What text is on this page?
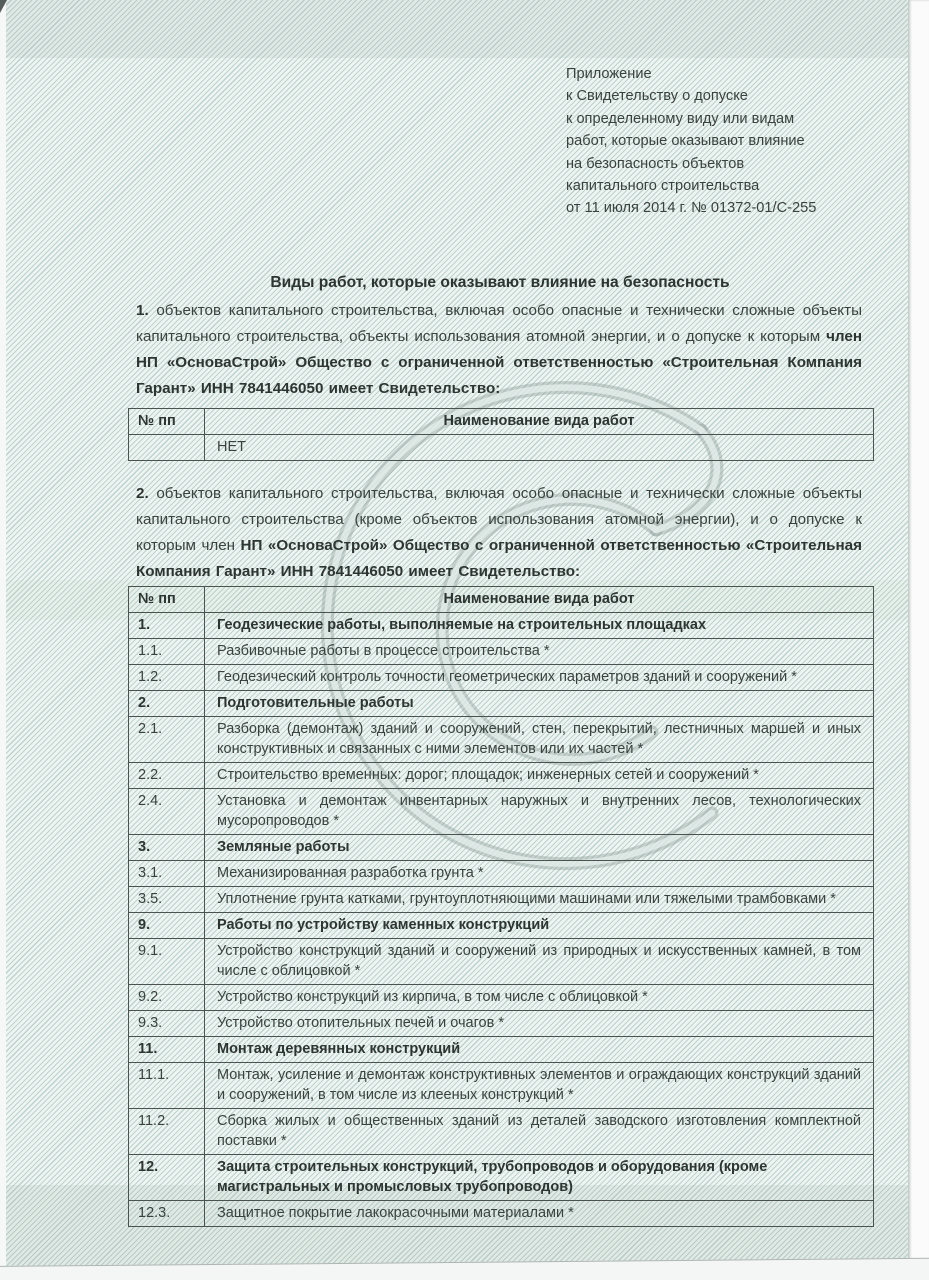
Приложение
к Свидетельству о допуске
к определенному виду или видам
работ, которые оказывают влияние
на безопасность объектов
капитального строительства
от 11 июля 2014 г. № 01372-01/С-255
Виды работ, которые оказывают влияние на безопасность
1. объектов капитального строительства, включая особо опасные и технически сложные объекты капитального строительства, объекты использования атомной энергии, и о допуске к которым член НП «ОсноваСтрой» Общество с ограниченной ответственностью «Строительная Компания Гарант» ИНН 7841446050 имеет Свидетельство:
№ пп	Наименование вида работ
	НЕТ
2. объектов капитального строительства, включая особо опасные и технически сложные объекты капитального строительства (кроме объектов использования атомной энергии), и о допуске к которым член НП «ОсноваСтрой» Общество с ограниченной ответственностью «Строительная Компания Гарант» ИНН 7841446050 имеет Свидетельство:
№ пп	Наименование вида работ
1.	Геодезические работы, выполняемые на строительных площадках
1.1.	Разбивочные работы в процессе строительства *
1.2.	Геодезический контроль точности геометрических параметров зданий и сооружений *
2.	Подготовительные работы
2.1.	Разборка (демонтаж) зданий и сооружений, стен, перекрытий, лестничных маршей и иных конструктивных и связанных с ними элементов или их частей *
2.2.	Строительство временных: дорог; площадок; инженерных сетей и сооружений *
2.4.	Установка и демонтаж инвентарных наружных и внутренних лесов, технологических мусоропроводов *
3.	Земляные работы
3.1.	Механизированная разработка грунта *
3.5.	Уплотнение грунта катками, грунтоуплотняющими машинами или тяжелыми трамбовками *
9.	Работы по устройству каменных конструкций
9.1.	Устройство конструкций зданий и сооружений из природных и искусственных камней, в том числе с облицовкой *
9.2.	Устройство конструкций из кирпича, в том числе с облицовкой *
9.3.	Устройство отопительных печей и очагов *
11.	Монтаж деревянных конструкций
11.1.	Монтаж, усиление и демонтаж конструктивных элементов и ограждающих конструкций зданий и сооружений, в том числе из клееных конструкций *
11.2.	Сборка жилых и общественных зданий из деталей заводского изготовления комплектной поставки *
12.	Защита строительных конструкций, трубопроводов и оборудования (кроме магистральных и промысловых трубопроводов)
12.3.	Защитное покрытие лакокрасочными материалами *
